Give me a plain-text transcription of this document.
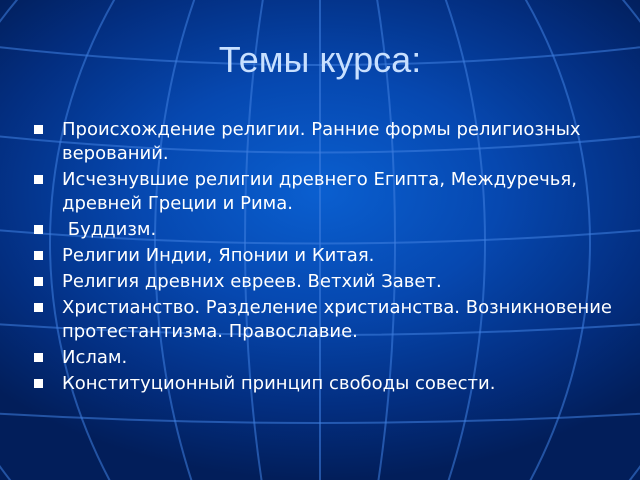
Темы курса:
Происхождение религии. Ранние формы религиозных верований.
Исчезнувшие религии древнего Египта, Междуречья, древней Греции и Рима.
Буддизм.
Религии Индии, Японии и Китая.
Религия древних евреев. Ветхий Завет.
Христианство. Разделение христианства. Возникновение протестантизма. Православие.
Ислам.
Конституционный принцип свободы совести.
